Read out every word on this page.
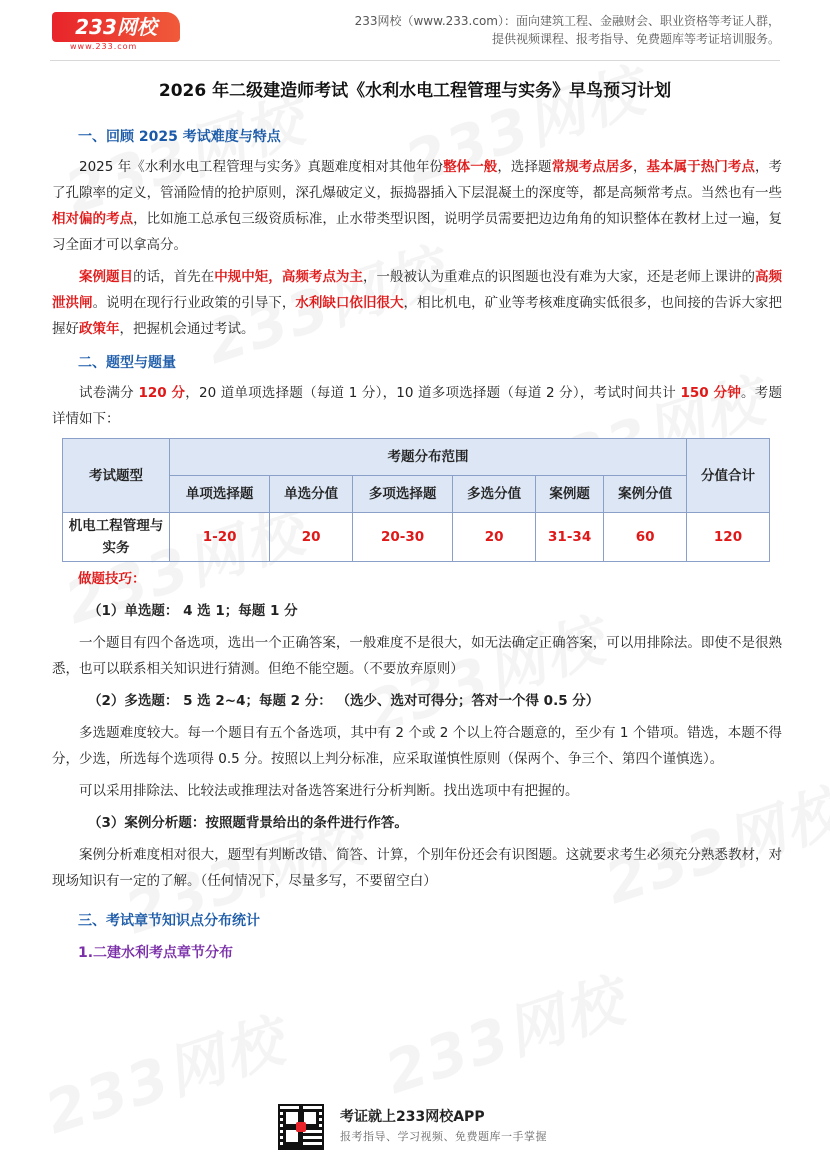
233网校
www.233.com
233网校（www.233.com）：面向建筑工程、金融财会、职业资格等考证人群，
提供视频课程、报考指导、免费题库等考证培训服务。
2026 年二级建造师考试《水利水电工程管理与实务》早鸟预习计划
一、回顾 2025 考试难度与特点

2025 年《水利水电工程管理与实务》真题难度相对其他年份整体一般，选择题常规考点居多，基本属于热门考点，考了孔隙率的定义，管涌险情的抢护原则，深孔爆破定义，振捣器插入下层混凝土的深度等，都是高频常考点。当然也有一些相对偏的考点，比如施工总承包三级资质标准，止水带类型识图，说明学员需要把边边角角的知识整体在教材上过一遍，复习全面才可以拿高分。

案例题目的话，首先在中规中矩，高频考点为主，一般被认为重难点的识图题也没有难为大家，还是老师上课讲的高频泄洪闸。说明在现行行业政策的引导下，水利缺口依旧很大，相比机电，矿业等考核难度确实低很多，也间接的告诉大家把握好政策年，把握机会通过考试。

二、题型与题量

试卷满分 120 分，20 道单项选择题（每道 1 分），10 道多项选择题（每道 2 分），考试时间共计 150 分钟。考题详情如下：

考试题型	考题分布范围						分值合计
	单项选择题	单选分值	多项选择题	多选分值	案例题	案例分值	
机电工程管理与实务	1-20	20	20-30	20	31-34	60	120
做题技巧：
（1）单选题： 4 选 1；每题 1 分

一个题目有四个备选项，选出一个正确答案，一般难度不是很大，如无法确定正确答案，可以用排除法。即使不是很熟悉，也可以联系相关知识进行猜测。但绝不能空题。（不要放弃原则）

（2）多选题： 5 选 2~4；每题 2 分： （选少、选对可得分；答对一个得 0.5 分）

多选题难度较大。每一个题目有五个备选项，其中有 2 个或 2 个以上符合题意的，至少有 1 个错项。错选，本题不得分，少选，所选每个选项得 0.5 分。按照以上判分标准，应采取谨慎性原则（保两个、争三个、第四个谨慎选）。

可以采用排除法、比较法或推理法对备选答案进行分析判断。找出选项中有把握的。

（3）案例分析题：按照题背景给出的条件进行作答。

案例分析难度相对很大，题型有判断改错、简答、计算，个别年份还会有识图题。这就要求考生必须充分熟悉教材，对现场知识有一定的了解。（任何情况下，尽量多写，不要留空白）

三、考试章节知识点分布统计
1.二建水利考点章节分布
考证就上233网校APP
报考指导、学习视频、免费题库一手掌握
